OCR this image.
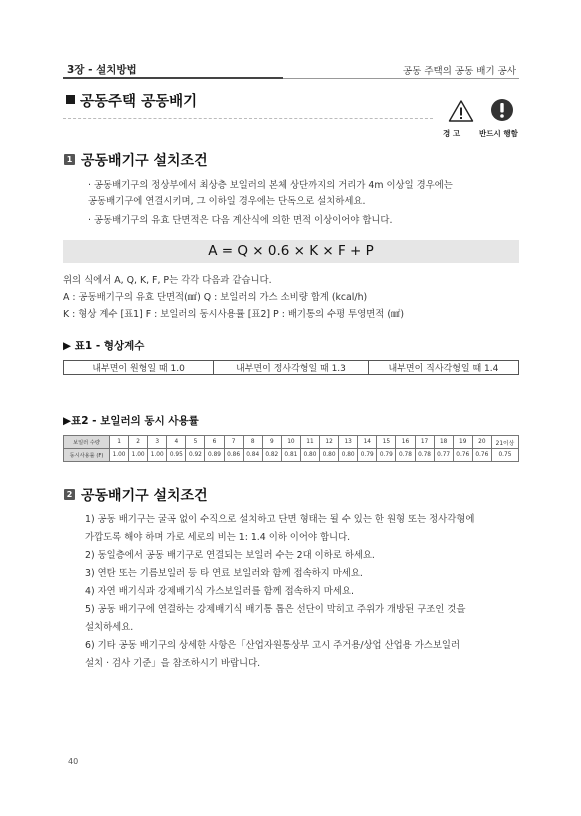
3장 - 설치방법	공동 주택의 공동 배기 공사
공동주택 공동배기
경 고	반드시 행함
1 공동배기구 설치조건
· 공동배기구의 정상부에서 최상층 보일러의 본체 상단까지의 거리가 4m 이상일 경우에는
공동배기구에 연결시키며, 그 이하일 경우에는 단독으로 설치하세요.
· 공동배기구의 유효 단면적은 다음 계산식에 의한 면적 이상이어야 합니다.
A = Q × 0.6 × K × F + P
위의 식에서 A, Q, K, F, P는 각각 다음과 같습니다.
A : 공동배기구의 유효 단면적(㎟) Q : 보일러의 가스 소비량 합계 (kcal/h)
K : 형상 계수 [표1] F : 보일러의 동시사용률 [표2] P : 배기통의 수평 투영면적 (㎟)
▶ 표1 - 형상계수
내부면이 원형일 때 1.0	내부면이 정사각형일 때 1.3	내부면이 직사각형일 때 1.4
▶표2 - 보일러의 동시 사용률
보일러 수량	1	2	3	4	5	6	7	8	9	10	11	12	13	14	15	16	17	18	19	20	21이상
동시사용률 (F)	1.00	1.00	1.00	0.95	0.92	0.89	0.86	0.84	0.82	0.81	0.80	0.80	0.80	0.79	0.79	0.78	0.78	0.77	0.76	0.76	0.75
2 공동배기구 설치조건
1) 공동 배기구는 굴곡 없이 수직으로 설치하고 단면 형태는 될 수 있는 한 원형 또는 정사각형에
가깝도록 해야 하며 가로 세로의 비는 1: 1.4 이하 이어야 합니다.
2) 동일층에서 공동 배기구로 연결되는 보일러 수는 2대 이하로 하세요.
3) 연탄 또는 기름보일러 등 타 연료 보일러와 함께 접속하지 마세요.
4) 자연 배기식과 강제배기식 가스보일러를 함께 접속하지 마세요.
5) 공동 배기구에 연결하는 강제배기식 배기통 톱은 선단이 막히고 주위가 개방된 구조인 것을
설치하세요.
6) 기타 공동 배기구의 상세한 사항은「산업자원통상부 고시 주거용/상업 산업용 가스보일러
설치 · 검사 기준」을 참조하시기 바랍니다.
40
